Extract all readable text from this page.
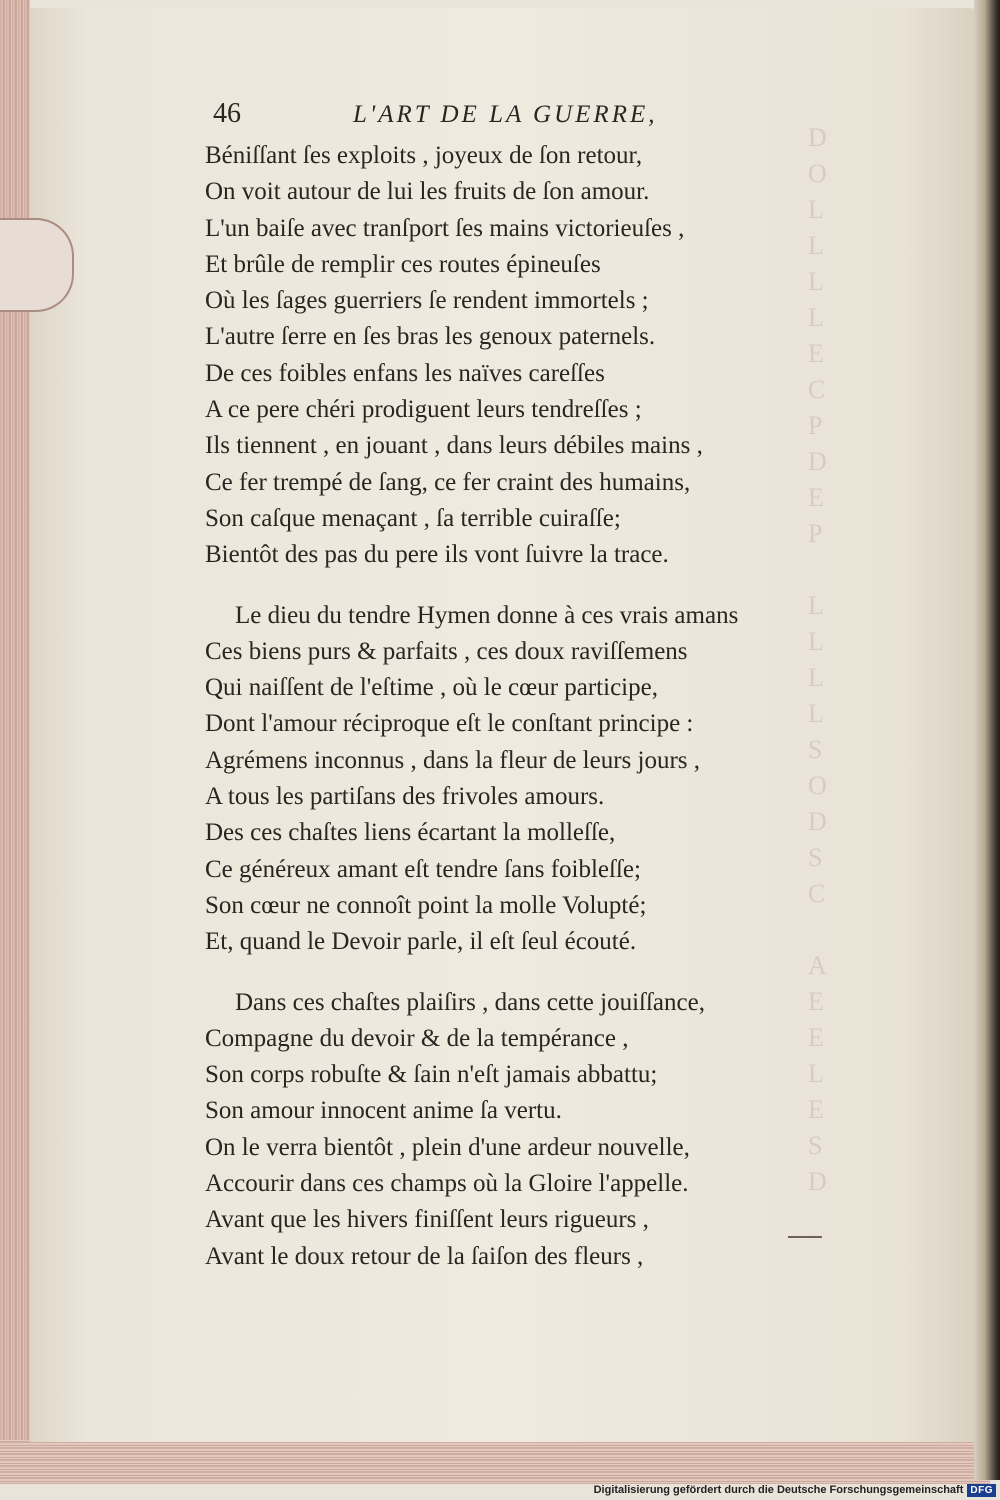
D
O
L
L
L
L
E
C
P
D
E
P
L
L
L
L
S
O
D
S
C
A
E
E
L
E
S
D
46	L'ART DE LA GUERRE,
Béniſſant ſes exploits , joyeux de ſon retour,
On voit autour de lui les fruits de ſon amour.
L'un baiſe avec tranſport ſes mains victorieuſes ,
Et brûle de remplir ces routes épineuſes
Où les ſages guerriers ſe rendent immortels ;
L'autre ſerre en ſes bras les genoux paternels.
De ces foibles enfans les naïves careſſes
A ce pere chéri prodiguent leurs tendreſſes ;
Ils tiennent , en jouant , dans leurs débiles mains ,
Ce fer trempé de ſang, ce fer craint des humains,
Son caſque menaçant , ſa terrible cuiraſſe;
Bientôt des pas du pere ils vont ſuivre la trace.
Le dieu du tendre Hymen donne à ces vrais amans
Ces biens purs & parfaits , ces doux raviſſemens
Qui naiſſent de l'eſtime , où le cœur participe,
Dont l'amour réciproque eſt le conſtant principe :
Agrémens inconnus , dans la fleur de leurs jours ,
A tous les partiſans des frivoles amours.
Des ces chaſtes liens écartant la molleſſe,
Ce généreux amant eſt tendre ſans foibleſſe;
Son cœur ne connoît point la molle Volupté;
Et, quand le Devoir parle, il eſt ſeul écouté.
Dans ces chaſtes plaiſirs , dans cette jouiſſance,
Compagne du devoir & de la tempérance ,
Son corps robuſte & ſain n'eſt jamais abbattu;
Son amour innocent anime ſa vertu.
On le verra bientôt , plein d'une ardeur nouvelle,
Accourir dans ces champs où la Gloire l'appelle.
Avant que les hivers finiſſent leurs rigueurs ,
Avant le doux retour de la ſaiſon des fleurs ,
Digitalisierung gefördert durch die Deutsche Forschungsgemeinschaft DFG
